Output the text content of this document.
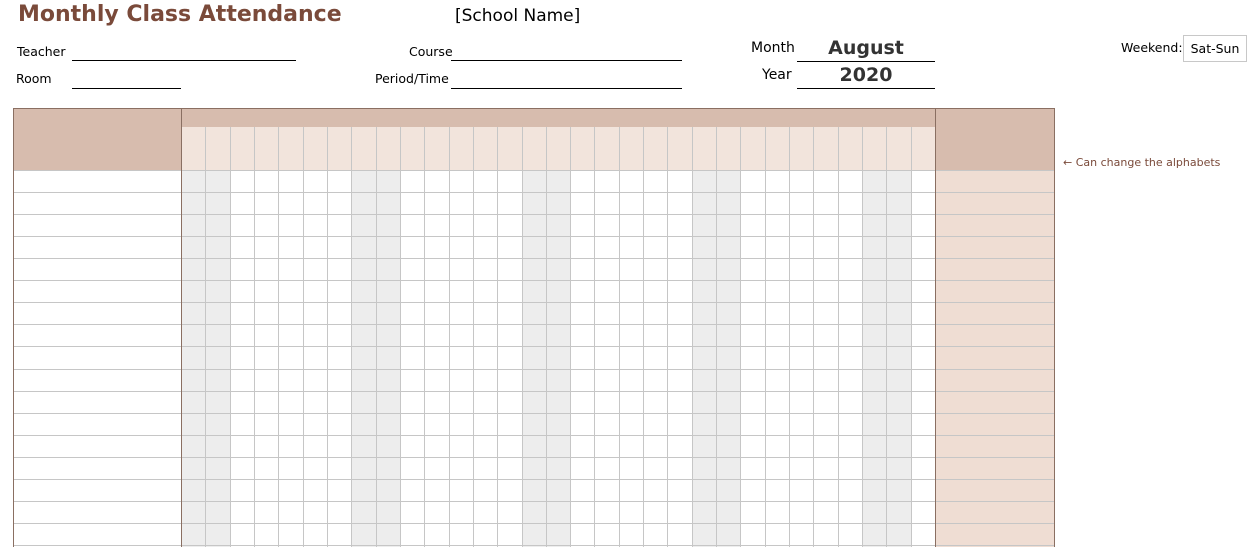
Monthly Class Attendance	[School Name]
Teacher
Room
Course
Period/Time
Month	August
Year	2020
Weekend: Sat-Sun
← Can change the alphabets
